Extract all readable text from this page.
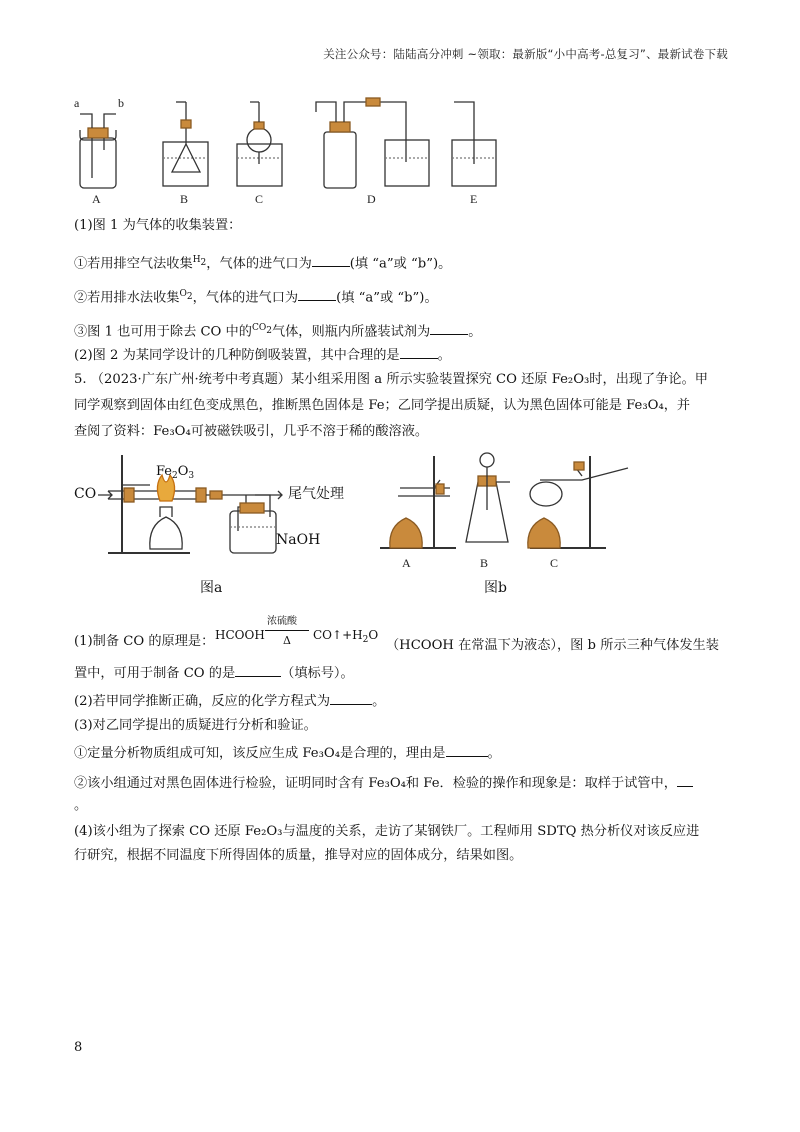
关注公众号：陆陆高分冲刺 ~领取：最新版“小中高考-总复习”、最新试卷下载
a	b
A	B	C	D	E
(1)图 1 为气体的收集装置：
①若用排空气法收集$^{H_2}$，气体的进气口为	(填 “a”或 “b”)。
②若用排水法收集$^{O_2}$，气体的进气口为	(填 “a”或 “b”)。
③图 1 也可用于除去 CO 中的$^{CO_2}$气体，则瓶内所盛装试剂为	。
(2)图 2 为某同学设计的几种防倒吸装置，其中合理的是	。
5. （2023·广东广州·统考中考真题）某小组采用图 a 所示实验装置探究 CO 还原 Fe₂O₃时，出现了争论。甲
同学观察到固体由红色变成黑色，推断黑色固体是 Fe；乙同学提出质疑，认为黑色固体可能是 Fe₃O₄，并
查阅了资料：Fe₃O₄可被磁铁吸引，几乎不溶于稀的酸溶液。
CO
$Fe_2O_3$
尾气处理
NaOH
图a
A	B	C
图b
(1)制备 CO 的原理是： HCOOH
浓硫酸
Δ $CO↑+H_2O$
（HCOOH 在常温下为液态），图 b 所示三种气体发生装
置中，可用于制备 CO 的是	（填标号）。
(2)若甲同学推断正确，反应的化学方程式为	。
(3)对乙同学提出的质疑进行分析和验证。
①定量分析物质组成可知，该反应生成 Fe₃O₄是合理的，理由是	。
②该小组通过对黑色固体进行检验，证明同时含有 Fe₃O₄和 Fe．检验的操作和现象是：取样于试管中，
。
(4)该小组为了探索 CO 还原 Fe₂O₃与温度的关系，走访了某钢铁厂。工程师用 SDTQ 热分析仪对该反应进
行研究，根据不同温度下所得固体的质量，推导对应的固体成分，结果如图。
8
